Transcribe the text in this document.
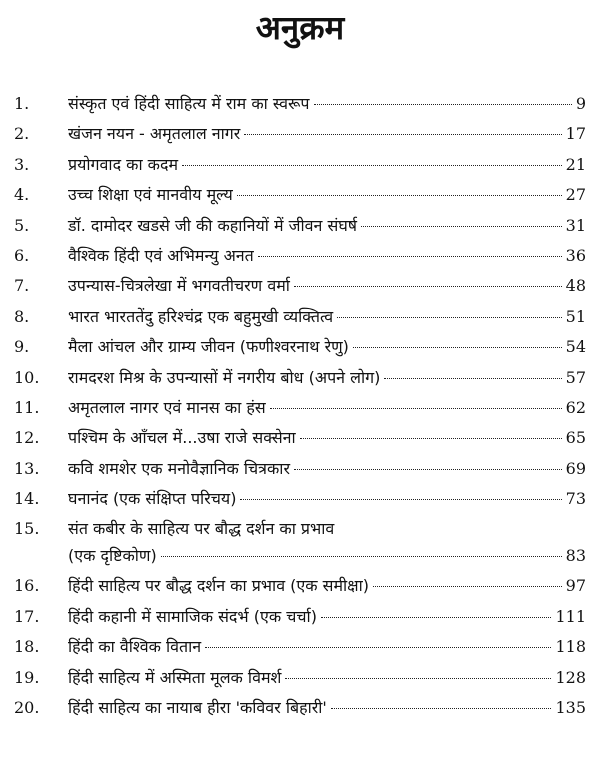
अनुक्रम
1.	संस्कृत एवं हिंदी साहित्य में राम का स्वरूप	9
2.	खंजन नयन - अमृतलाल नागर	17
3.	प्रयोगवाद का कदम	21
4.	उच्च शिक्षा एवं मानवीय मूल्य	27
5.	डॉ. दामोदर खडसे जी की कहानियों में जीवन संघर्ष	31
6.	वैश्विक हिंदी एवं अभिमन्यु अनत	36
7.	उपन्यास-चित्रलेखा में भगवतीचरण वर्मा	48
8.	भारत भारततेंदु हरिश्चंद्र एक बहुमुखी व्यक्तित्व	51
9.	मैला आंचल और ग्राम्य जीवन (फणीश्वरनाथ रेणु)	54
10.	रामदरश मिश्र के उपन्यासों में नगरीय बोध (अपने लोग)	57
11.	अमृतलाल नागर एवं मानस का हंस	62
12.	पश्चिम के आँचल में...उषा राजे सक्सेना	65
13.	कवि शमशेर एक मनोवैज्ञानिक चित्रकार	69
14.	घनानंद (एक संक्षिप्त परिचय)	73
15.	संत कबीर के साहित्य पर बौद्ध दर्शन का प्रभाव
(एक दृष्टिकोण)	83
16.	हिंदी साहित्य पर बौद्ध दर्शन का प्रभाव (एक समीक्षा)	97
17.	हिंदी कहानी में सामाजिक संदर्भ (एक चर्चा)	111
18.	हिंदी का वैश्विक वितान	118
19.	हिंदी साहित्य में अस्मिता मूलक विमर्श	128
20.	हिंदी साहित्य का नायाब हीरा 'कविवर बिहारी'	135
